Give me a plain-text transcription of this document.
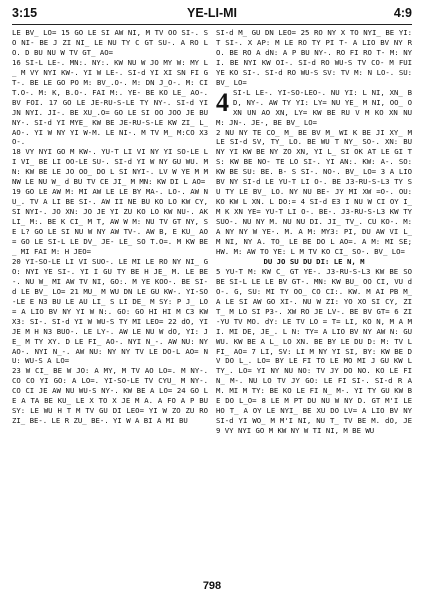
3:15	YE-LI-MI	4:9

LE BV_ LO= 15 GO LE SI AW NI, M TV OO SI-. SO NI- BE J ZI NI_ LE NU TY C GT SU-. A RO LO. D BU NU W TV GT_ AO=

16 SI-L LE-. MN:. NY:. KW NU W JO MY W: MY L_ M VY NYI KW-. YI W LE-. SI-d YI XI SN FI GT-. BE LE GO PO M: BV_.O-. M: DN J_O-. M: CI T.O-. M: K, B.O-. FAI M:. YE- BE KO LE_ AO-. BV FOI. 17 GO LE JE-RU-S-LE TY NY-. SI-d YI JN NYI. JI-. BE XU_.O= GO LE SI OO JOO JE BU NY-. SI-d YI MYE_ KW BE JE-RU-S-LE KW ZI_ L_AO-. YI W NY YI W-M. LE NI-. M TV M_ M:CO X3 O-.

18 VY NYI GO M KW-. YU-T LI VI NY YI SO-LE LI VI_ BE LI OO-LE SU-. SI-d YI W NY GU WU. MN: KW BE LE JO OO_ DO L SI NYI-. LV W YE M M NW LE NU W_ d BU TV CE JI_ M MN: KW DI L AO=

19 GO LE AW M: MI AW LE LE BY MA-. LO-. AW NU_. TV A LI BE SI-. AW II NE BU KO LO KW CY, SI NYI-. JO XN: JO JE YI ZU KO LO KW NU-. AK LI_ M:. BE K CI_ M T, AW W M: NU TV GT NY, SE L? GO LE SI NU W NY AW TV-. AW B, E KU_ AO= GO LE SI-L LE DV_ JE- LE_ SO T.O=. M KW BE_ MI FAI M: H JEO=

20 YI-SO-LE LI VI SUO-. LE MI LE RO NY NI_ GO: NYI YE SI-. YI I GU TY BE H JE_ M. LE BE-. NU W_ MI AW TV NI, GO:. M YE KOO-. BE SI-d LE BV_ LO= 21 MU_ M WU DN LE GU KW-. YI-SO-LE E N3 BU LE AU LI_ S LI DE_ M SY: P J_ LO= A LIO BV NY YI W N:. GO: GO HI HI M C3 KW X3: SI-. SI-d YI W WU-S TY MI LEO= 22 dO, YI JE M H N3 BUO-. LE LY-. AW LE NU W dO, YI: JE_ M TY XY. D LE FI_ AO-. NYI N_-. AW NU: NY AO-. NYI N_-. AW NU: NY NY TV LE DO-L AO= NU: WU-S A LO=

23 W CI_ BE W JO: A MY, M TV AO LO=. M NY-. CO CO YI GO: A LO=. YI-SO-LE TV CYU_ M NY-. CO CI JE AW NU WU-S NY-. KW BE A LO= 24 GO LE A TA BE KU_ LE X TO X JE M A. A FO A P BU SY: LE WU H T M TV GU DI LEO= YI W ZO ZU RO ZI_ BE-. LE R ZU_ BE-. YI W A BI A MI BU

SI-d M_ GU DN LEO= 25 RO NY X TO NYI_ BE YI: T SI-. X AP: M LE RO TY PI T- A LIO BV NY RO. BE RO A dN: A P BU NY-. RO FI RO T- M: NYI. BE NYI KW OI-. SI-d RO WU-S TV CO- M FUI YE KO SI-. SI-d RO WU-S SV: TV M: N LO-. SU: BV_ LO=

4 SI-L LE-. YI-SO-LEO-. NU YI: L NI, XN_ BD, NY-. AW TY YI: LY= NU YE_ M NI, OO_ O XN UN AO XN, LY= KW BE RU V M KO XN NU M: JN-. JE-, BE BV_ LO=

2 NU NY TE CO_ M_ BE BV M_ WI K BE JI XY_ M LE SI-d SV, TY_ LO. BE WU T NY_ SO-. XN: BU NY YI KW BE NY ZO XN, YI L_ SI OK AT LE GI TS: KW BE NO- TE LO SI-. YI AN:. KW: A-. SO: KW BE SU: BE. B- S SI-. NO-. BV_ LO= 3 A LIO BV NY SI-d LE YU-T LI O-. BE J3-RU-S-L3 TY SU TY LE BV_ LO. NY NU BE- JY MI XW =O-. OU: KO KW L XN. L DO:= 4 SI-d E3 I NU W CI OY I_ M K XN YE= YU-T LI O-. BE-. J3-RU-S-L3 KW TY SUO-. NU NY M. NU NU DI. JI_ TV_. CU KO-. M: A NY NY W YE-. M. A M: MY3: PI, DU AW VI L_ M NI, NY A. TO_ LE BE DO L AO=. A M: MI SE; HW. M: AW TO YE: L M TV KO CI_ SO-. BV_ LO=

DU JO SU DU DI: LE N, M

5 YU-T M: KW C_ GT YE-. J3-RU-S-L3 KW BE SO BE SI-L LE LE BV GT-. MN: KW BU_ OO CI, VU dO-. G, SU: MI TY OO_ CO CI:. KW. M AI PB M_ A LE SI AW GO XI-. NU W ZI: YO XO SI CY, ZI T_ M LO SI P3-. XW RO JE LV-. BE BV GT= 6 ZI-YU TV MO. dY: LE TV LO = T= LI, KO N, M A MI. MI DE, JE_. L N: TY= A LIO BV NY AW N: GU WU. KW BE A L_ LO XN. BE BY LE DU D: M: TV L FI_ AO= 7 LI, SV: LI M NY YI SI, BY: KW BE DV DO L_. LO= BY LE FI TO LE MO MI J GU KW L TY_. LO= YI NY NU NO: TV JY DO NO. KO LE FI N_ M-. NU LO TV JY GO: LE FI SI-. SI-d R A M. MI M TY: BE KO LE FI N_ M-. YI TY GU KW BE DO L_O= 8 LE M PT DU NU W NY D. GT M'I LE HO T_ A OY LE NYI_ BE XU DO LV= A LIO BV NY SI-d YI WO_ M M'I NI, NU T_ TV BE M. dO, JE 9 VY NYI GO M KW NY W TI NI, M BE WU

798
